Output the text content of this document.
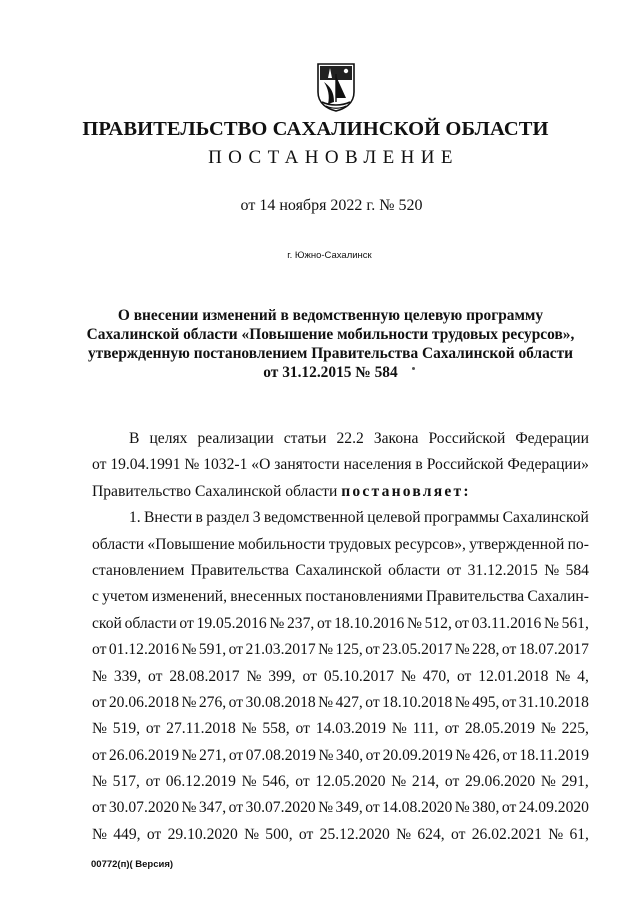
ПРАВИТЕЛЬСТВО САХАЛИНСКОЙ ОБЛАСТИ
ПОСТАНОВЛЕНИЕ
от 14 ноября 2022 г. № 520
г. Южно-Сахалинск
О внесении изменений в ведомственную целевую программу
Сахалинской области «Повышение мобильности трудовых ресурсов»,
утвержденную постановлением Правительства Сахалинской области
от 31.12.2015 № 584
В целях реализации статьи 22.2 Закона Российской Федерации
от 19.04.1991 № 1032-1 «О занятости населения в Российской Федерации»
Правительство Сахалинской области постановляет:
1. Внести в раздел 3 ведомственной целевой программы Сахалинской
области «Повышение мобильности трудовых ресурсов», утвержденной по-
становлением Правительства Сахалинской области от 31.12.2015 № 584
с учетом изменений, внесенных постановлениями Правительства Сахалин-
ской области от 19.05.2016 № 237, от 18.10.2016 № 512, от 03.11.2016 № 561,
от 01.12.2016 № 591, от 21.03.2017 № 125, от 23.05.2017 № 228, от 18.07.2017
№ 339, от 28.08.2017 № 399, от 05.10.2017 № 470, от 12.01.2018 № 4,
от 20.06.2018 № 276, от 30.08.2018 № 427, от 18.10.2018 № 495, от 31.10.2018
№ 519, от 27.11.2018 № 558, от 14.03.2019 № 111, от 28.05.2019 № 225,
от 26.06.2019 № 271, от 07.08.2019 № 340, от 20.09.2019 № 426, от 18.11.2019
№ 517, от 06.12.2019 № 546, от 12.05.2020 № 214, от 29.06.2020 № 291,
от 30.07.2020 № 347, от 30.07.2020 № 349, от 14.08.2020 № 380, от 24.09.2020
№ 449, от 29.10.2020 № 500, от 25.12.2020 № 624, от 26.02.2021 № 61,
00772(п)( Версия)
